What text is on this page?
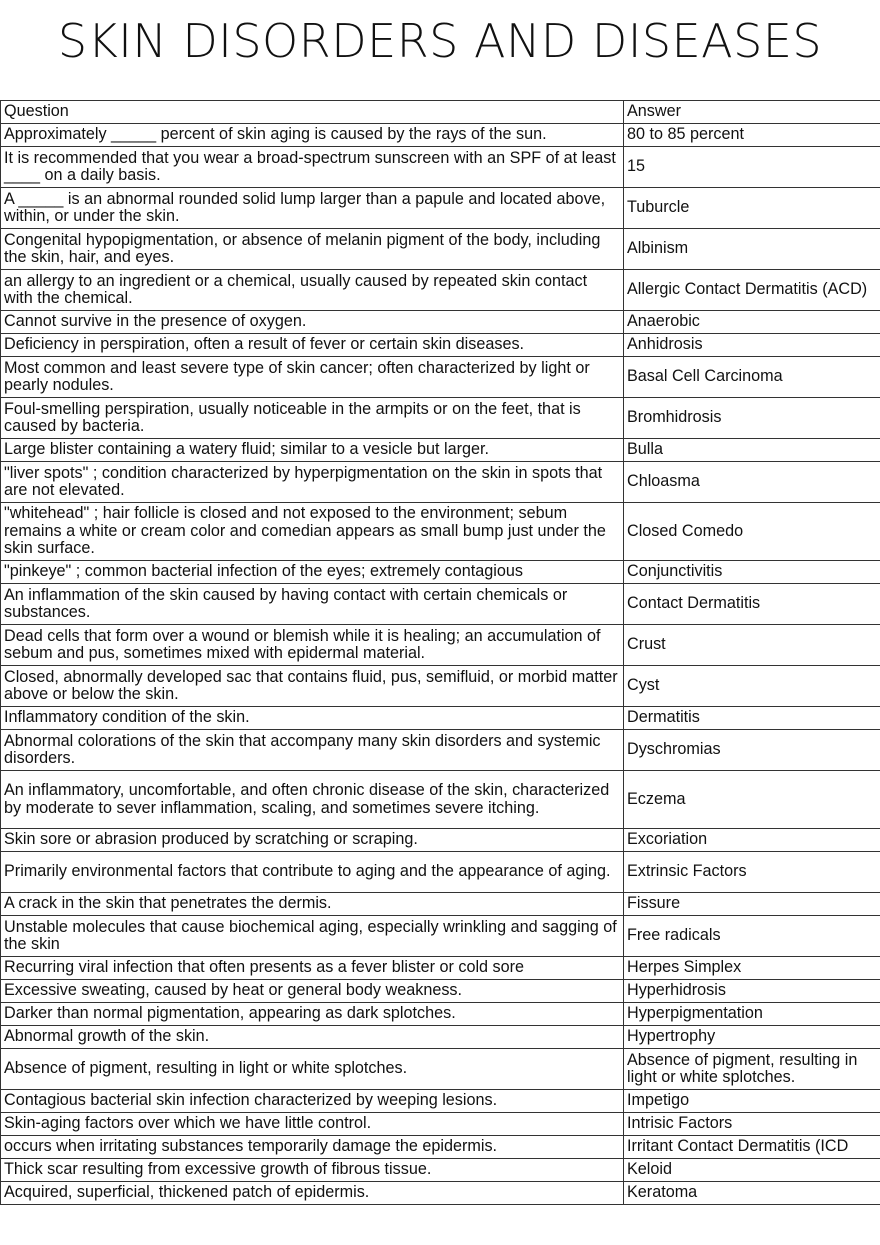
SKIN DISORDERS AND DISEASES
Question	Answer
Approximately _____ percent of skin aging is caused by the rays of the sun.	80 to 85 percent
It is recommended that you wear a broad-spectrum sunscreen with an SPF of at least ____ on a daily basis.	15
A _____ is an abnormal rounded solid lump larger than a papule and located above, within, or under the skin.	Tuburcle
Congenital hypopigmentation, or absence of melanin pigment of the body, including the skin, hair, and eyes.	Albinism
an allergy to an ingredient or a chemical, usually caused by repeated skin contact with the chemical.	Allergic Contact Dermatitis (ACD)
Cannot survive in the presence of oxygen.	Anaerobic
Deficiency in perspiration, often a result of fever or certain skin diseases.	Anhidrosis
Most common and least severe type of skin cancer; often characterized by light or pearly nodules.	Basal Cell Carcinoma
Foul-smelling perspiration, usually noticeable in the armpits or on the feet, that is caused by bacteria.	Bromhidrosis
Large blister containing a watery fluid; similar to a vesicle but larger.	Bulla
"liver spots" ; condition characterized by hyperpigmentation on the skin in spots that are not elevated.	Chloasma
"whitehead" ; hair follicle is closed and not exposed to the environment; sebum remains a white or cream color and comedian appears as small bump just under the skin surface.	Closed Comedo
"pinkeye" ; common bacterial infection of the eyes; extremely contagious	Conjunctivitis
An inflammation of the skin caused by having contact with certain chemicals or substances.	Contact Dermatitis
Dead cells that form over a wound or blemish while it is healing; an accumulation of sebum and pus, sometimes mixed with epidermal material.	Crust
Closed, abnormally developed sac that contains fluid, pus, semifluid, or morbid matter above or below the skin.	Cyst
Inflammatory condition of the skin.	Dermatitis
Abnormal colorations of the skin that accompany many skin disorders and systemic disorders.	Dyschromias
An inflammatory, uncomfortable, and often chronic disease of the skin, characterized by moderate to sever inflammation, scaling, and sometimes severe itching.	Eczema
Skin sore or abrasion produced by scratching or scraping.	Excoriation
Primarily environmental factors that contribute to aging and the appearance of aging.	Extrinsic Factors
A crack in the skin that penetrates the dermis.	Fissure
Unstable molecules that cause biochemical aging, especially wrinkling and sagging of the skin	Free radicals
Recurring viral infection that often presents as a fever blister or cold sore	Herpes Simplex
Excessive sweating, caused by heat or general body weakness.	Hyperhidrosis
Darker than normal pigmentation, appearing as dark splotches.	Hyperpigmentation
Abnormal growth of the skin.	Hypertrophy
Absence of pigment, resulting in light or white splotches.	Absence of pigment, resulting in light or white splotches.
Contagious bacterial skin infection characterized by weeping lesions.	Impetigo
Skin-aging factors over which we have little control.	Intrisic Factors
occurs when irritating substances temporarily damage the epidermis.	Irritant Contact Dermatitis (ICD
Thick scar resulting from excessive growth of fibrous tissue.	Keloid
Acquired, superficial, thickened patch of epidermis.	Keratoma
